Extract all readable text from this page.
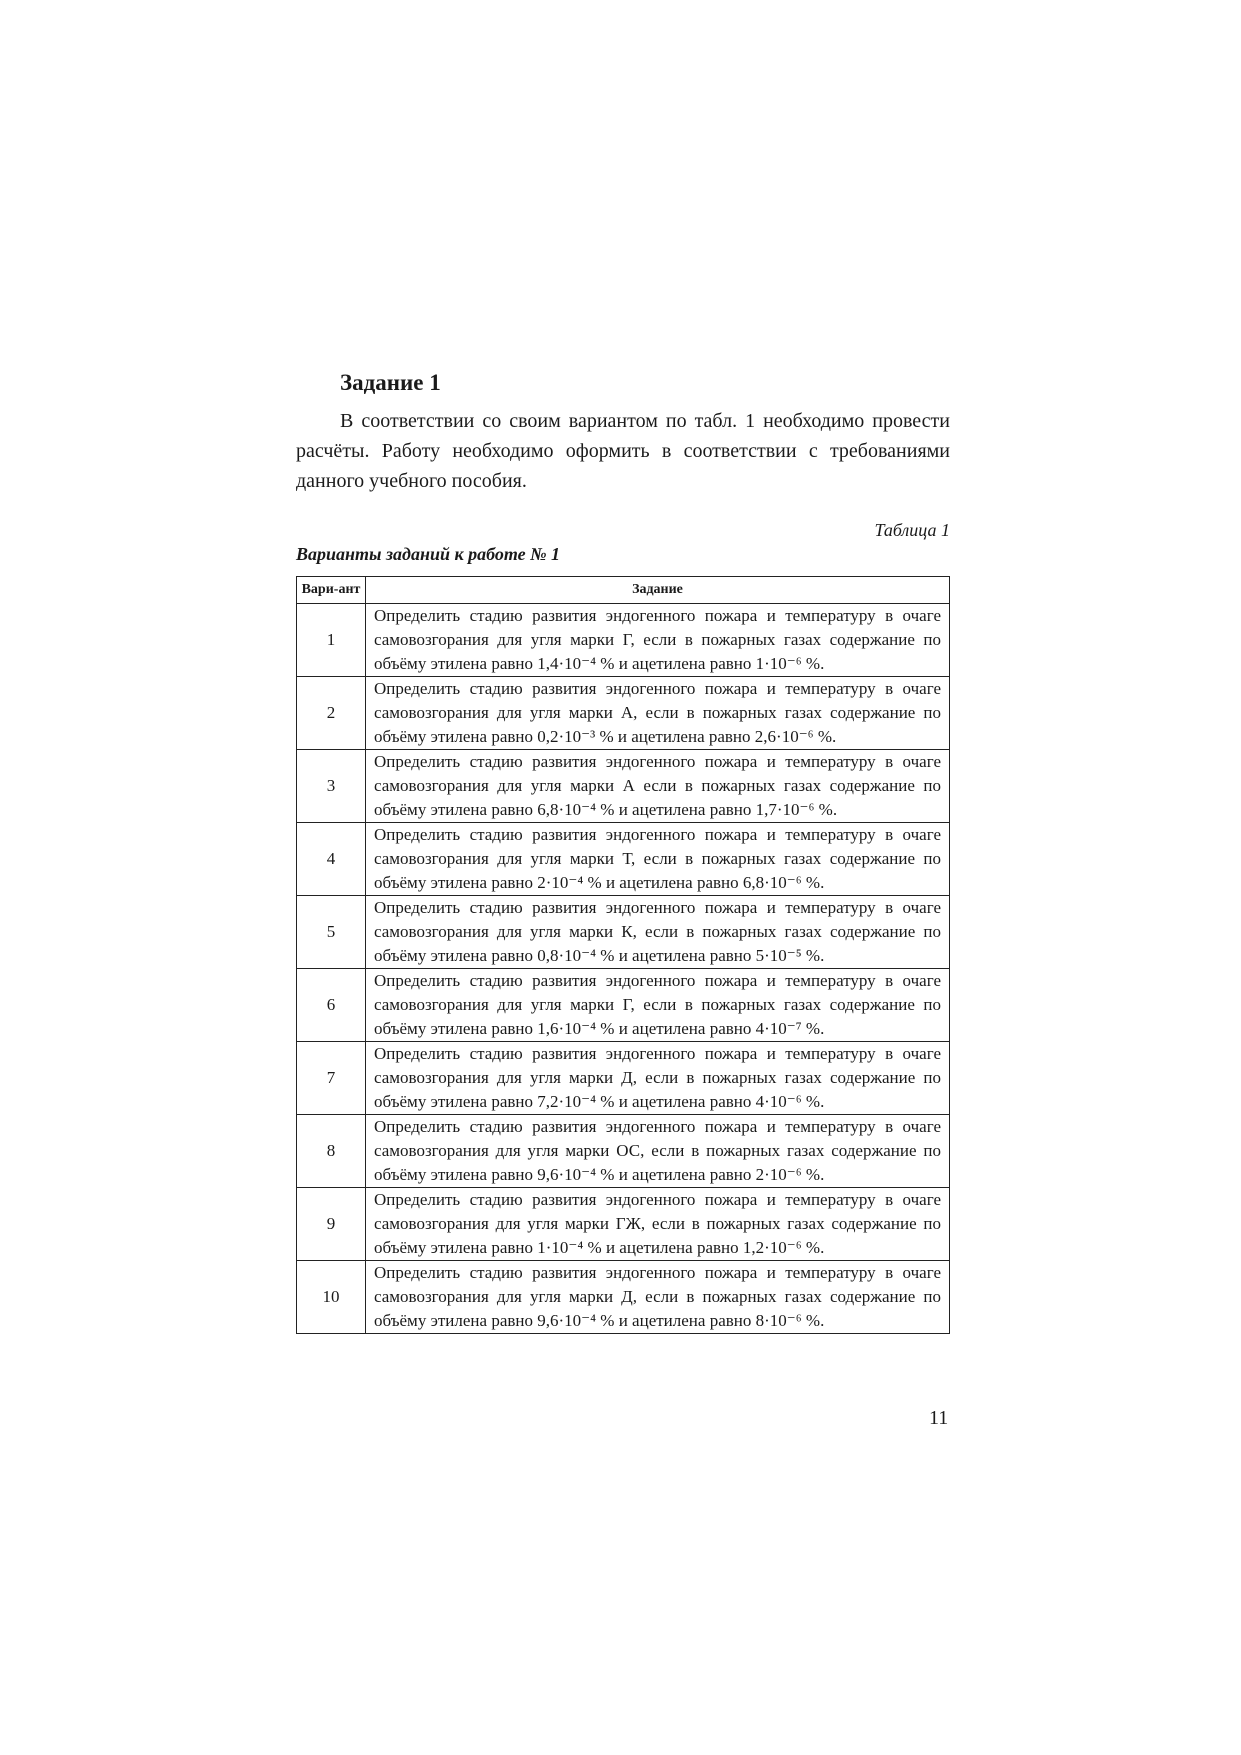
Задание 1

В соответствии со своим вариантом по табл. 1 необходимо провести расчёты. Работу необходимо оформить в соответствии с требованиями данного учебного пособия.

Таблица 1
Варианты заданий к работе № 1
Вари-ант	Задание
1	Определить стадию развития эндогенного пожара и температуру в очаге самовозгорания для угля марки Г, если в пожарных газах содержание по объёму этилена равно 1,4·10⁻⁴ % и ацетилена равно 1·10⁻⁶ %.
2	Определить стадию развития эндогенного пожара и температуру в очаге самовозгорания для угля марки А, если в пожарных газах содержание по объёму этилена равно 0,2·10⁻³ % и ацетилена равно 2,6·10⁻⁶ %.
3	Определить стадию развития эндогенного пожара и температуру в очаге самовозгорания для угля марки А если в пожарных газах содержание по объёму этилена равно 6,8·10⁻⁴ % и ацетилена равно 1,7·10⁻⁶ %.
4	Определить стадию развития эндогенного пожара и температуру в очаге самовозгорания для угля марки Т, если в пожарных газах содержание по объёму этилена равно 2·10⁻⁴ % и ацетилена равно 6,8·10⁻⁶ %.
5	Определить стадию развития эндогенного пожара и температуру в очаге самовозгорания для угля марки К, если в пожарных газах содержание по объёму этилена равно 0,8·10⁻⁴ % и ацетилена равно 5·10⁻⁵ %.
6	Определить стадию развития эндогенного пожара и температуру в очаге самовозгорания для угля марки Г, если в пожарных газах содержание по объёму этилена равно 1,6·10⁻⁴ % и ацетилена равно 4·10⁻⁷ %.
7	Определить стадию развития эндогенного пожара и температуру в очаге самовозгорания для угля марки Д, если в пожарных газах содержание по объёму этилена равно 7,2·10⁻⁴ % и ацетилена равно 4·10⁻⁶ %.
8	Определить стадию развития эндогенного пожара и температуру в очаге самовозгорания для угля марки ОС, если в пожарных газах содержание по объёму этилена равно 9,6·10⁻⁴ % и ацетилена равно 2·10⁻⁶ %.
9	Определить стадию развития эндогенного пожара и температуру в очаге самовозгорания для угля марки ГЖ, если в пожарных газах содержание по объёму этилена равно 1·10⁻⁴ % и ацетилена равно 1,2·10⁻⁶ %.
10	Определить стадию развития эндогенного пожара и температуру в очаге самовозгорания для угля марки Д, если в пожарных газах содержание по объёму этилена равно 9,6·10⁻⁴ % и ацетилена равно 8·10⁻⁶ %.
11
